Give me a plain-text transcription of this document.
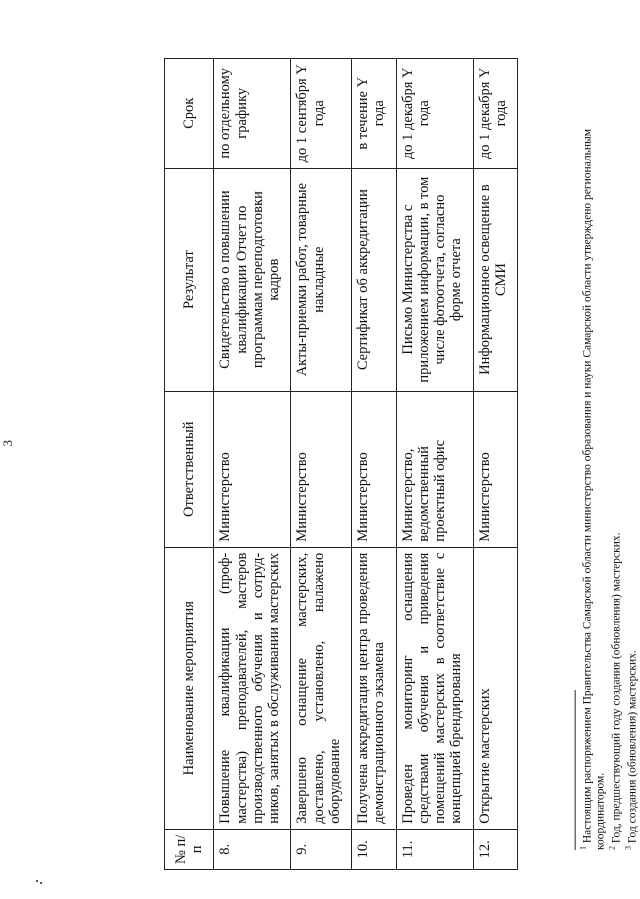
3
№ п/п	Наименование мероприятия	Ответственный	Результат	Срок
8.	Повышение квалификации (проф-мастерства) преподавателей, мастеров производственного обучения и сотруд-ников, занятых в обслуживании мастерских	Министерство	Свидетельство о повышении квалификации Отчет по программам переподготовки кадров	по отдельному графику
9.	Завершено оснащение мастерских, доставлено, установлено, налажено оборудование	Министерство	Акты-приемки работ, товарные накладные	до 1 сентября Y года
10.	Получена аккредитация центра проведения демонстрационного экзамена	Министерство	Сертификат об аккредитации	в течение Y года
11.	Проведен мониторинг оснащения средствами обучения и приведения помещений мастерских в соответствие с концепцией брендирования	Министерство, ведомственный проектный офис	Письмо Министерства с приложением информации, в том числе фотоотчета, согласно форме отчета	до 1 декабря Y года
12.	Открытие мастерских	Министерство	Информационное освещение в СМИ	до 1 декабря Y года
$^1$ Настоящим распоряжением Правительства Самарской области министерство образования и науки Самарской области утверждено региональным координатором. $^2$ Год, предшествующий году создания (обновления) мастерских.
$^3$ Год создания (обновления) мастерских.
